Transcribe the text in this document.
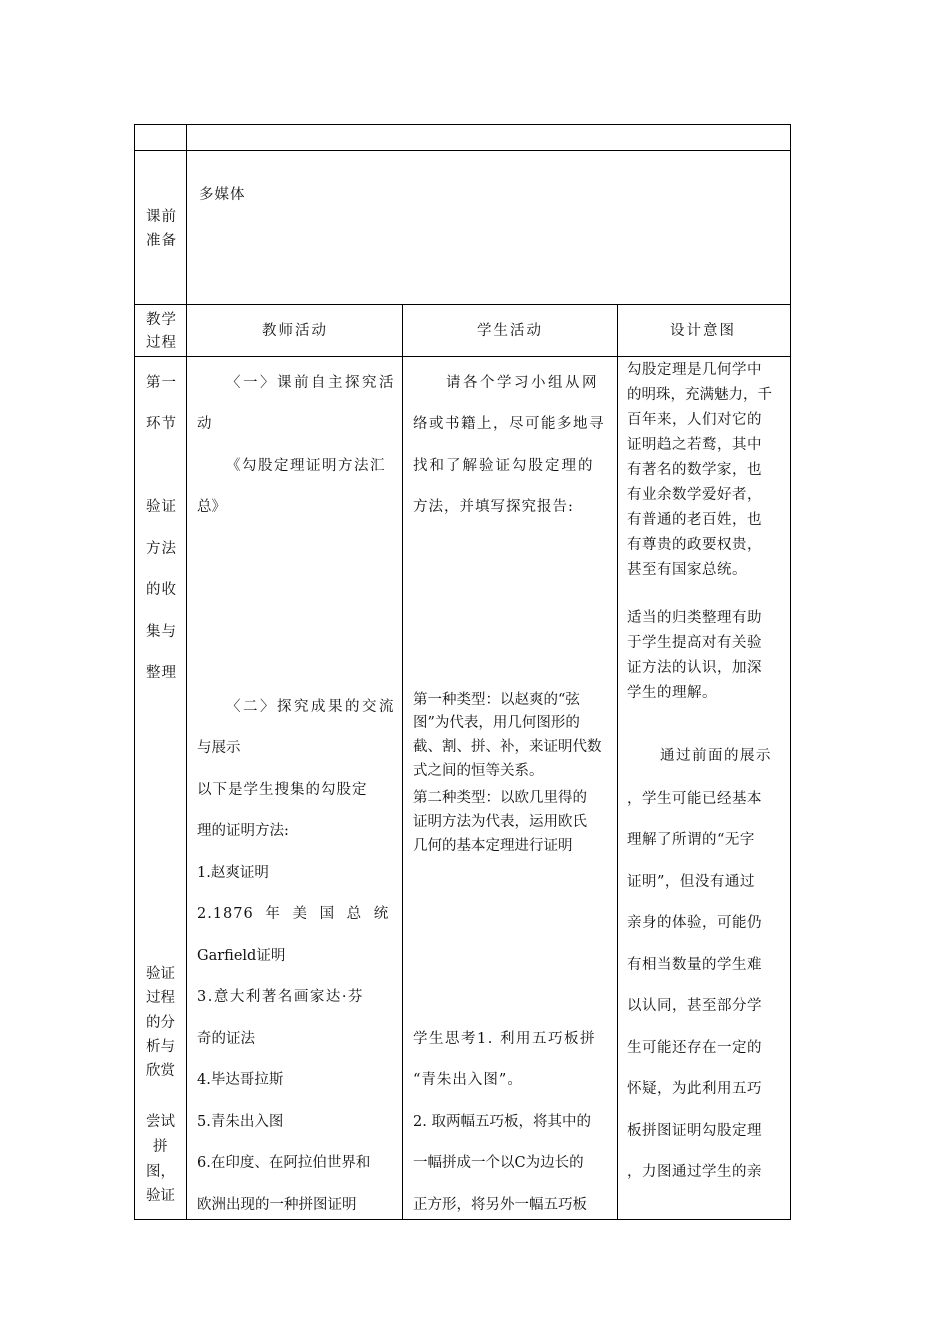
课前
准备
多媒体
教学
过程
教师活动	学生活动	设计意图
第一
环节
验证
方法
的收
集与
整理
验证
过程
的分
析与
欣赏
尝试
拼
图，
验证
〈一〉课前自主探究活
动
《勾股定理证明方法汇
总》
〈二〉探究成果的交流
与展示
以下是学生搜集的勾股定
理的证明方法:
1.赵爽证明
2.1876 年 美 国 总 统
Garfield证明
3.意大利著名画家达·芬
奇的证法
4.毕达哥拉斯
5.青朱出入图
6.在印度、在阿拉伯世界和
欧洲出现的一种拼图证明
请各个学习小组从网
络或书籍上，尽可能多地寻
找和了解验证勾股定理的
方法，并填写探究报告:
第一种类型：以赵爽的“弦
图”为代表，用几何图形的
截、割、拼、补，来证明代数
式之间的恒等关系。
第二种类型：以欧几里得的
证明方法为代表，运用欧氏
几何的基本定理进行证明
学生思考1. 利用五巧板拼
“青朱出入图”。
2. 取两幅五巧板，将其中的
一幅拼成一个以C为边长的
正方形，将另外一幅五巧板
勾股定理是几何学中
的明珠，充满魅力，千
百年来，人们对它的
证明趋之若鹜，其中
有著名的数学家，也
有业余数学爱好者，
有普通的老百姓，也
有尊贵的政要权贵，
甚至有国家总统。
适当的归类整理有助
于学生提高对有关验
证方法的认识，加深
学生的理解。
通过前面的展示
，学生可能已经基本
理解了所谓的“无字
证明”，但没有通过
亲身的体验，可能仍
有相当数量的学生难
以认同，甚至部分学
生可能还存在一定的
怀疑，为此利用五巧
板拼图证明勾股定理
，力图通过学生的亲
